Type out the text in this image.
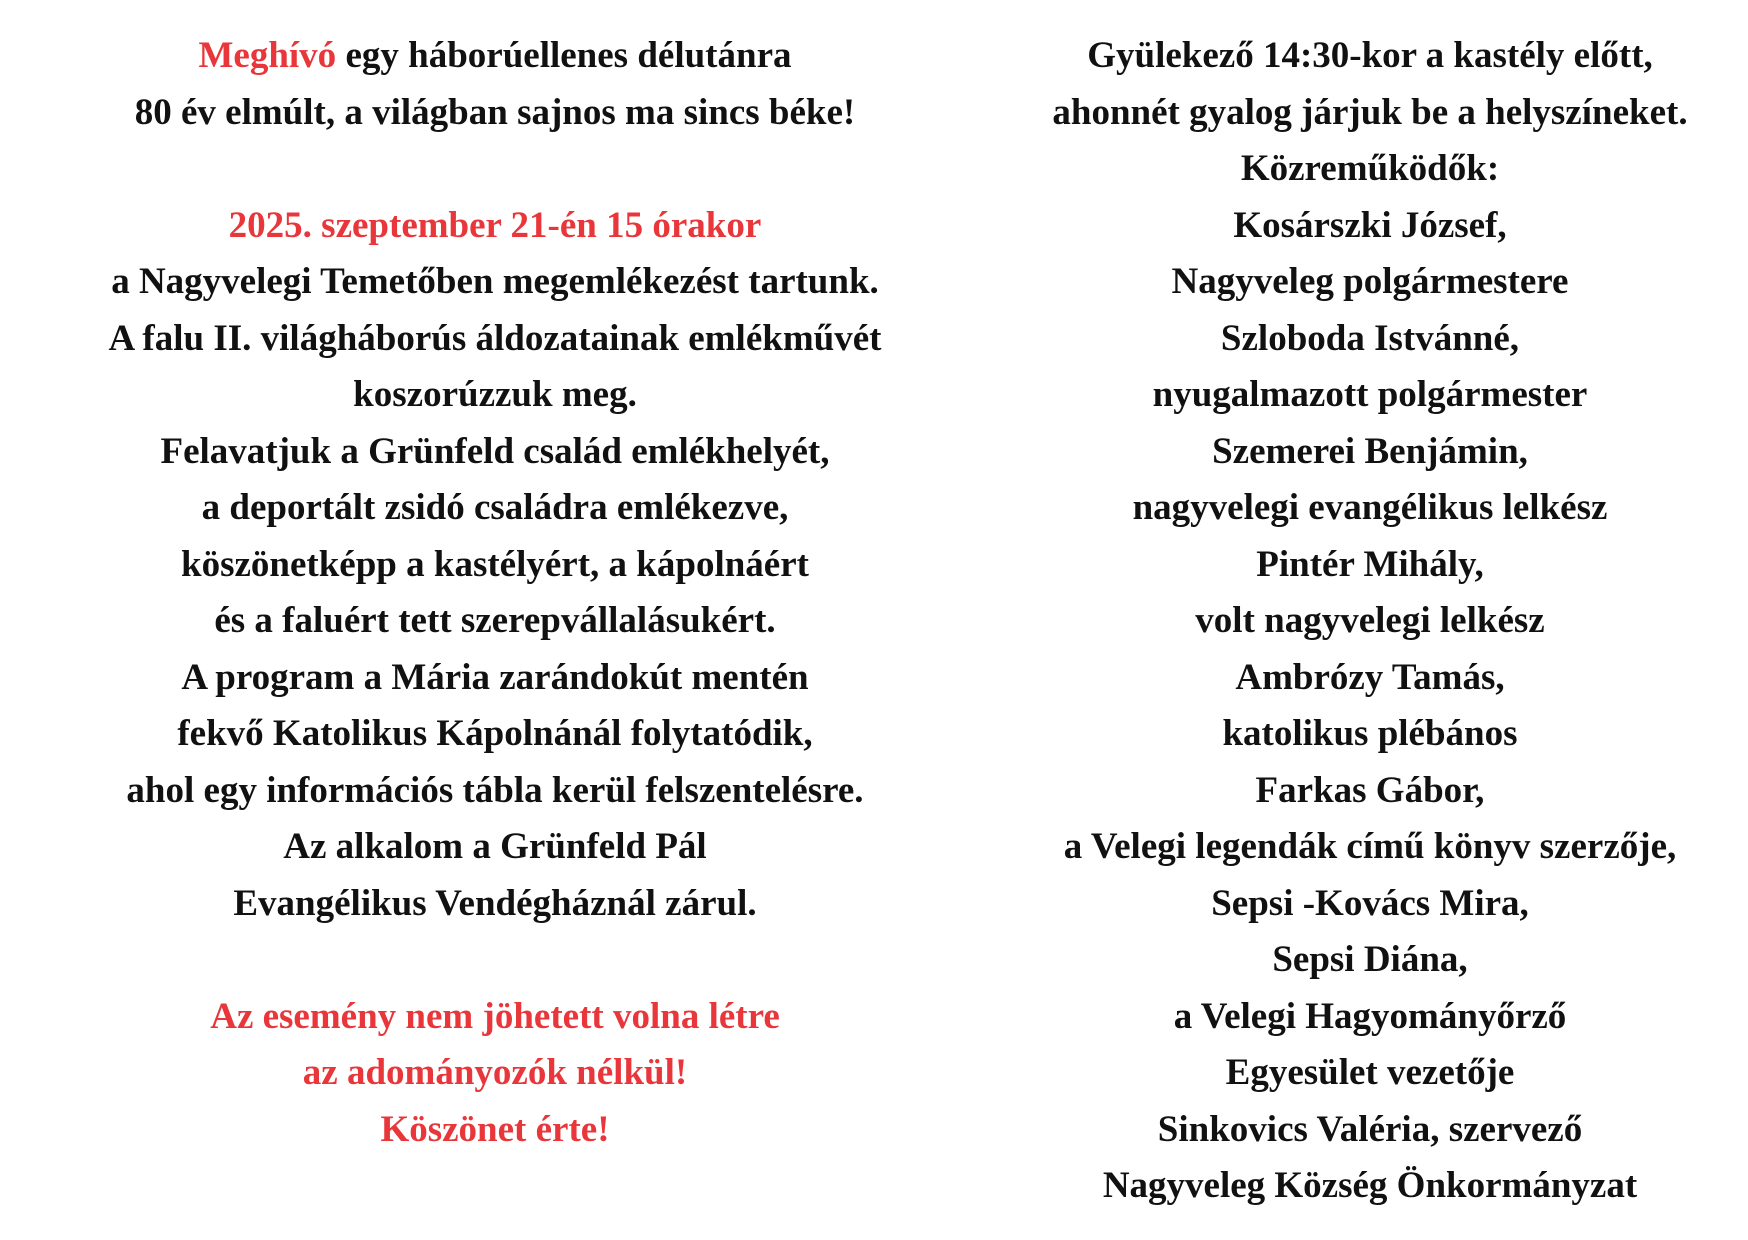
Meghívó egy háborúellenes délutánra
80 év elmúlt, a világban sajnos ma sincs béke!
2025. szeptember 21-én 15 órakor
a Nagyvelegi Temetőben megemlékezést tartunk.
A falu II. világháborús áldozatainak emlékművét
koszorúzzuk meg.
Felavatjuk a Grünfeld család emlékhelyét,
a deportált zsidó családra emlékezve,
köszönetképp a kastélyért, a kápolnáért
és a faluért tett szerepvállalásukért.
A program a Mária zarándokút mentén
fekvő Katolikus Kápolnánál folytatódik,
ahol egy információs tábla kerül felszentelésre.
Az alkalom a Grünfeld Pál
Evangélikus Vendégháznál zárul.
Az esemény nem jöhetett volna létre
az adományozók nélkül!
Köszönet érte!
Gyülekező 14:30-kor a kastély előtt,
ahonnét gyalog járjuk be a helyszíneket.
Közreműködők:
Kosárszki József,
Nagyveleg polgármestere
Szloboda Istvánné,
nyugalmazott polgármester
Szemerei Benjámin,
nagyvelegi evangélikus lelkész
Pintér Mihály,
volt nagyvelegi lelkész
Ambrózy Tamás,
katolikus plébános
Farkas Gábor,
a Velegi legendák című könyv szerzője,
Sepsi -Kovács Mira,
Sepsi Diána,
a Velegi Hagyományőrző
Egyesület vezetője
Sinkovics Valéria, szervező
Nagyveleg Község Önkormányzat
